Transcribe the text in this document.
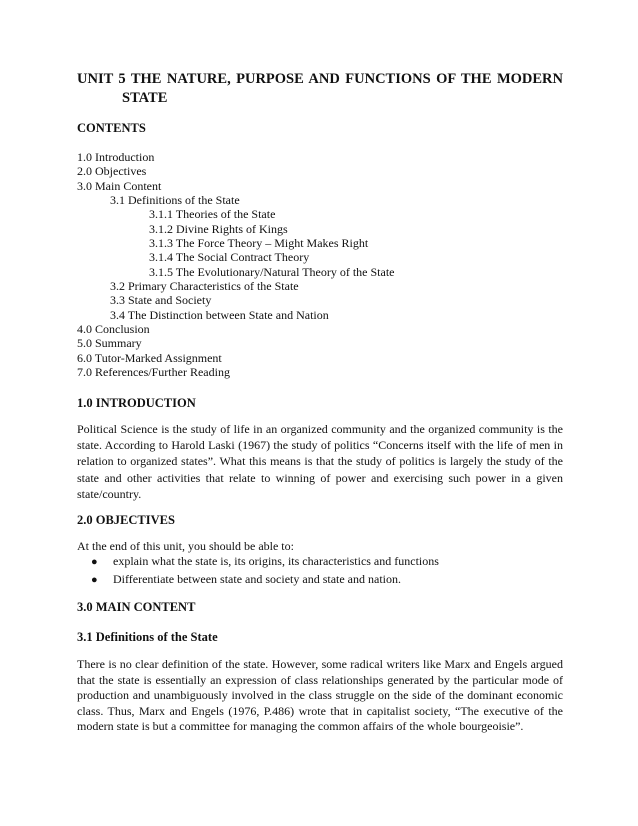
UNIT 5 THE NATURE, PURPOSE AND FUNCTIONS OF THE MODERN
STATE
CONTENTS
1.0 Introduction
2.0 Objectives
3.0 Main Content
3.1 Definitions of the State
3.1.1 Theories of the State
3.1.2 Divine Rights of Kings
3.1.3 The Force Theory – Might Makes Right
3.1.4 The Social Contract Theory
3.1.5 The Evolutionary/Natural Theory of the State
3.2 Primary Characteristics of the State
3.3 State and Society
3.4 The Distinction between State and Nation
4.0 Conclusion
5.0 Summary
6.0 Tutor-Marked Assignment
7.0 References/Further Reading
1.0 INTRODUCTION
Political Science is the study of life in an organized community and the organized community is the state. According to Harold Laski (1967) the study of politics “Concerns itself with the life of men in relation to organized states”. What this means is that the study of politics is largely the study of the state and other activities that relate to winning of power and exercising such power in a given state/country.
2.0 OBJECTIVES
At the end of this unit, you should be able to:
●	explain what the state is, its origins, its characteristics and functions
●	Differentiate between state and society and state and nation.
3.0 MAIN CONTENT
3.1 Definitions of the State
There is no clear definition of the state. However, some radical writers like Marx and Engels argued that the state is essentially an expression of class relationships generated by the particular mode of production and unambiguously involved in the class struggle on the side of the dominant economic class. Thus, Marx and Engels (1976, P.486) wrote that in capitalist society, “The executive of the modern state is but a committee for managing the common affairs of the whole bourgeoisie”.
